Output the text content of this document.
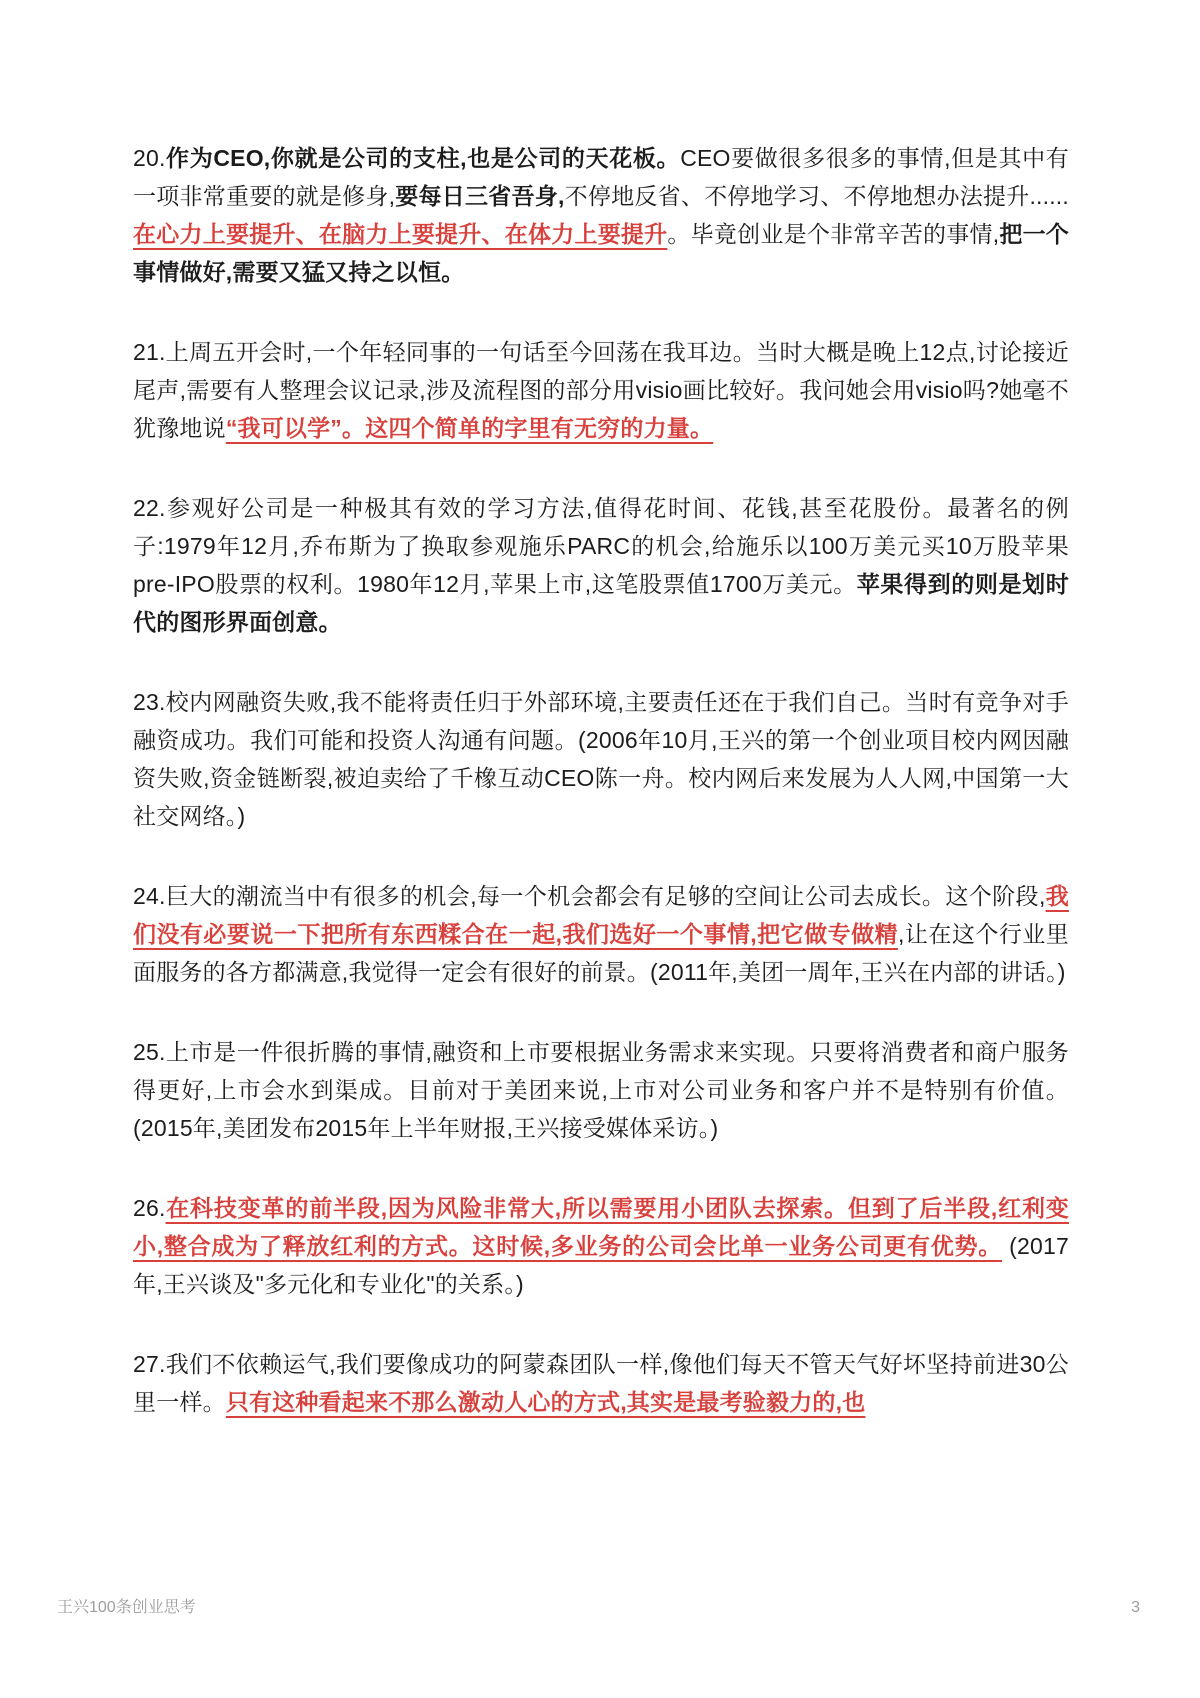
20.作为CEO,你就是公司的支柱,也是公司的天花板。CEO要做很多很多的事情,但是其中有一项非常重要的就是修身,要每日三省吾身,不停地反省、不停地学习、不停地想办法提升......在心力上要提升、在脑力上要提升、在体力上要提升。毕竟创业是个非常辛苦的事情,把一个事情做好,需要又猛又持之以恒。

21.上周五开会时,一个年轻同事的一句话至今回荡在我耳边。当时大概是晚上12点,讨论接近尾声,需要有人整理会议记录,涉及流程图的部分用visio画比较好。我问她会用visio吗?她毫不犹豫地说“我可以学”。这四个简单的字里有无穷的力量。

22.参观好公司是一种极其有效的学习方法,值得花时间、花钱,甚至花股份。最著名的例子:1979年12月,乔布斯为了换取参观施乐PARC的机会,给施乐以100万美元买10万股苹果pre-IPO股票的权利。1980年12月,苹果上市,这笔股票值1700万美元。苹果得到的则是划时代的图形界面创意。

23.校内网融资失败,我不能将责任归于外部环境,主要责任还在于我们自己。当时有竞争对手融资成功。我们可能和投资人沟通有问题。(2006年10月,王兴的第一个创业项目校内网因融资失败,资金链断裂,被迫卖给了千橡互动CEO陈一舟。校内网后来发展为人人网,中国第一大社交网络。)

24.巨大的潮流当中有很多的机会,每一个机会都会有足够的空间让公司去成长。这个阶段,我们没有必要说一下把所有东西糅合在一起,我们选好一个事情,把它做专做精,让在这个行业里面服务的各方都满意,我觉得一定会有很好的前景。(2011年,美团一周年,王兴在内部的讲话。)

25.上市是一件很折腾的事情,融资和上市要根据业务需求来实现。只要将消费者和商户服务得更好,上市会水到渠成。目前对于美团来说,上市对公司业务和客户并不是特别有价值。(2015年,美团发布2015年上半年财报,王兴接受媒体采访。)

26.在科技变革的前半段,因为风险非常大,所以需要用小团队去探索。但到了后半段,红利变小,整合成为了释放红利的方式。这时候,多业务的公司会比单一业务公司更有优势。 (2017年,王兴谈及"多元化和专业化"的关系。)

27.我们不依赖运气,我们要像成功的阿蒙森团队一样,像他们每天不管天气好坏坚持前进30公里一样。只有这种看起来不那么激动人心的方式,其实是最考验毅力的,也

王兴100条创业思考	3
